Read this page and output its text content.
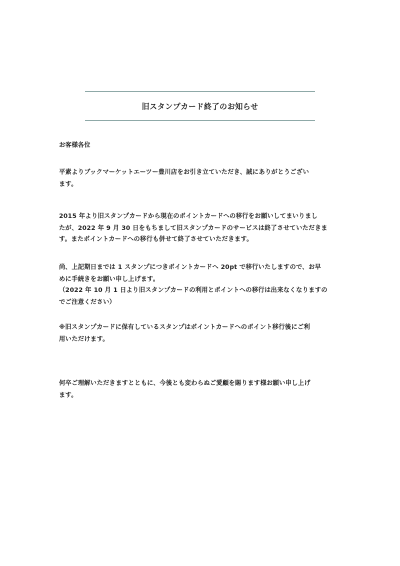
旧スタンプカード終了のお知らせ

お客様各位

平素よりブックマーケットエーツー豊川店をお引き立ていただき、誠にありがとうござい

ます。

2015 年より旧スタンプカードから現在のポイントカードへの移行をお願いしてまいりまし

たが、2022 年 9 月 30 日をもちまして旧スタンプカードのサービスは終了させていただきま

す。またポイントカードへの移行も併せて終了させていただきます。

尚、上記期日までは 1 スタンプにつきポイントカードへ 20pt で移行いたしますので、お早

めに手続きをお願い申し上げます。

（2022 年 10 月 1 日より旧スタンプカードの利用とポイントへの移行は出来なくなりますの

でご注意ください）

※旧スタンプカードに保有しているスタンプはポイントカードへのポイント移行後にご利

用いただけます。

何卒ご理解いただきますとともに、今後とも変わらぬご愛顧を賜ります様お願い申し上げ

ます。
